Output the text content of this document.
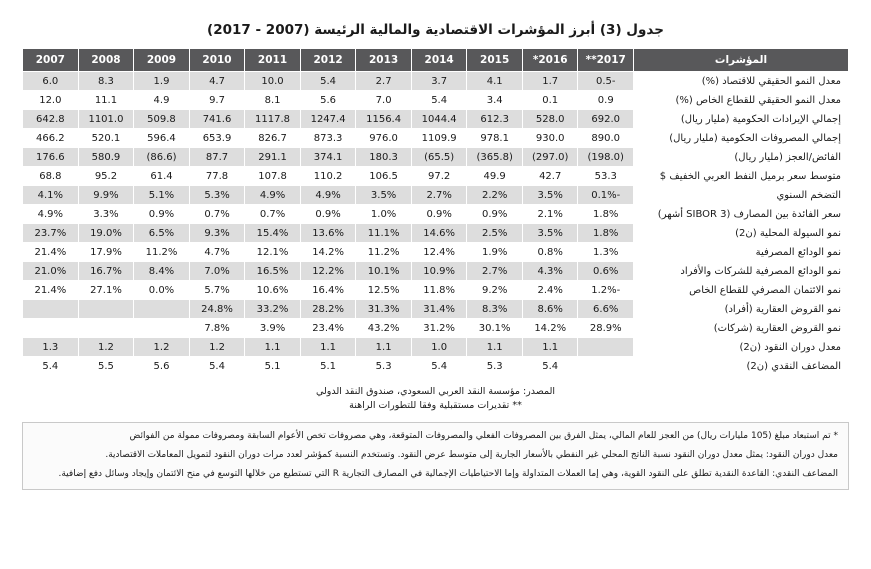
جدول (3) أبرز المؤشرات الاقتصادية والمالية الرئيسة (2007 - 2017)
المؤشرات	2017**	2016*	2015	2014	2013	2012	2011	2010	2009	2008	2007
معدل النمو الحقيقي للاقتصاد (%)	-0.5	1.7	4.1	3.7	2.7	5.4	10.0	4.7	1.9	8.3	6.0
معدل النمو الحقيقي للقطاع الخاص (%)	0.9	0.1	3.4	5.4	7.0	5.6	8.1	9.7	4.9	11.1	12.0
إجمالي الإيرادات الحكومية (مليار ريال)	692.0	528.0	612.3	1044.4	1156.4	1247.4	1117.8	741.6	509.8	1101.0	642.8
إجمالي المصروفات الحكومية (مليار ريال)	890.0	930.0	978.1	1109.9	976.0	873.3	826.7	653.9	596.4	520.1	466.2
الفائض/العجز (مليار ريال)	(198.0)	(297.0)	(365.8)	(65.5)	180.3	374.1	291.1	87.7	(86.6)	580.9	176.6
متوسط سعر برميل النفط العربي الخفيف $	53.3	42.7	49.9	97.2	106.5	110.2	107.8	77.8	61.4	95.2	68.8
التضخم السنوي	-0.1%	3.5%	2.2%	2.7%	3.5%	4.9%	4.9%	5.3%	5.1%	9.9%	4.1%
سعر الفائدة بين المصارف (SIBOR 3 أشهر)	1.8%	2.1%	0.9%	0.9%	1.0%	0.9%	0.7%	0.7%	0.9%	3.3%	4.9%
نمو السيولة المحلية (ن2)	1.8%	3.5%	2.5%	14.6%	11.1%	13.6%	15.4%	9.3%	6.5%	19.0%	23.7%
نمو الودائع المصرفية	1.3%	0.8%	1.9%	12.4%	11.2%	14.2%	12.1%	4.7%	11.2%	17.9%	21.4%
نمو الودائع المصرفية للشركات والأفراد	0.6%	4.3%	2.7%	10.9%	10.1%	12.2%	16.5%	7.0%	8.4%	16.7%	21.0%
نمو الائتمان المصرفي للقطاع الخاص	-1.2%	2.4%	9.2%	11.8%	12.5%	16.4%	10.6%	5.7%	0.0%	27.1%	21.4%
نمو القروض العقارية (أفراد)	6.6%	8.6%	8.3%	31.4%	31.3%	28.2%	33.2%	24.8%			
نمو القروض العقارية (شركات)	28.9%	14.2%	30.1%	31.2%	43.2%	23.4%	3.9%	7.8%			
معدل دوران النقود (ن2)		1.1	1.1	1.0	1.1	1.1	1.1	1.2	1.2	1.2	1.3
المضاعف النقدي (ن2)		5.4	5.3	5.4	5.3	5.1	5.1	5.4	5.6	5.5	5.4
المصدر: مؤسسة النقد العربي السعودي، صندوق النقد الدولي
** تقديرات مستقبلية وفقا للتطورات الراهنة

* تم استبعاد مبلغ (105 مليارات ريال) من العجز للعام المالي، يمثل الفرق بين المصروفات الفعلي والمصروفات المتوقعة، وهي مصروفات تخص الأعوام السابقة ومصروفات ممولة من الفوائض

معدل دوران النقود: يمثل معدل دوران النقود نسبة الناتج المحلي غير النفطي بالأسعار الجارية إلى متوسط عرض النقود. وتستخدم النسبة كمؤشر لعدد مرات دوران النقود لتمويل المعاملات الاقتصادية.

المضاعف النقدي: القاعدة النقدية تطلق على النقود القوية، وهي إما العملات المتداولة وإما الاحتياطيات الإجمالية في المصارف التجارية R التي تستطيع من خلالها التوسع في منح الائتمان وإيجاد وسائل دفع إضافية.
